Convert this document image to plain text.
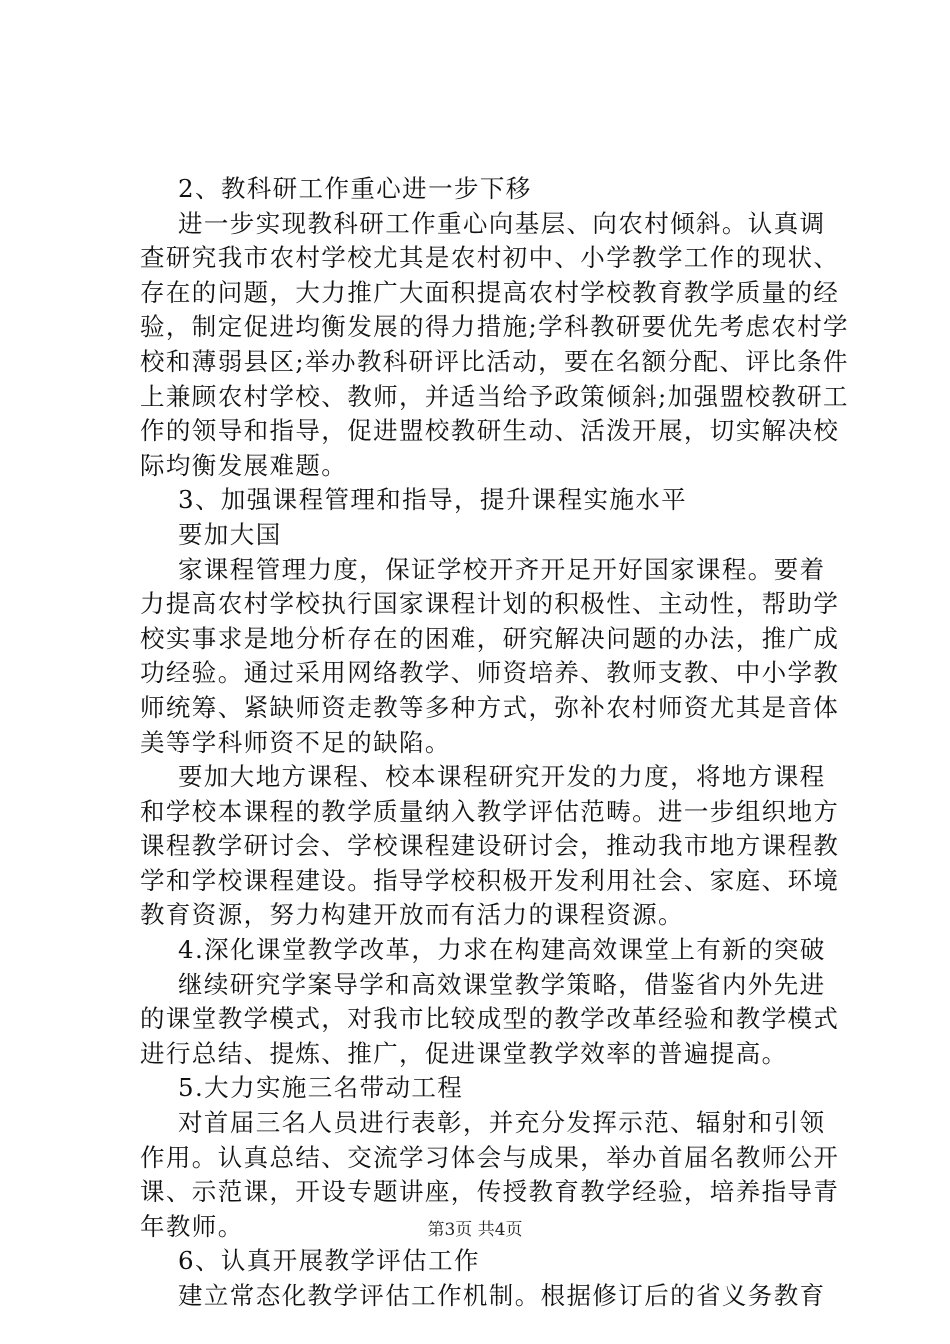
2、教科研工作重心进一步下移
进一步实现教科研工作重心向基层、向农村倾斜。认真调
查研究我市农村学校尤其是农村初中、小学教学工作的现状、
存在的问题，大力推广大面积提高农村学校教育教学质量的经
验，制定促进均衡发展的得力措施;学科教研要优先考虑农村学
校和薄弱县区;举办教科研评比活动，要在名额分配、评比条件
上兼顾农村学校、教师，并适当给予政策倾斜;加强盟校教研工
作的领导和指导，促进盟校教研生动、活泼开展，切实解决校
际均衡发展难题。
3、加强课程管理和指导，提升课程实施水平
要加大国
家课程管理力度，保证学校开齐开足开好国家课程。要着
力提高农村学校执行国家课程计划的积极性、主动性，帮助学
校实事求是地分析存在的困难，研究解决问题的办法，推广成
功经验。通过采用网络教学、师资培养、教师支教、中小学教
师统筹、紧缺师资走教等多种方式，弥补农村师资尤其是音体
美等学科师资不足的缺陷。
要加大地方课程、校本课程研究开发的力度，将地方课程
和学校本课程的教学质量纳入教学评估范畴。进一步组织地方
课程教学研讨会、学校课程建设研讨会，推动我市地方课程教
学和学校课程建设。指导学校积极开发利用社会、家庭、环境
教育资源，努力构建开放而有活力的课程资源。
4.深化课堂教学改革，力求在构建高效课堂上有新的突破
继续研究学案导学和高效课堂教学策略，借鉴省内外先进
的课堂教学模式，对我市比较成型的教学改革经验和教学模式
进行总结、提炼、推广，促进课堂教学效率的普遍提高。
5.大力实施三名带动工程
对首届三名人员进行表彰，并充分发挥示范、辐射和引领
作用。认真总结、交流学习体会与成果，举办首届名教师公开
课、示范课，开设专题讲座，传授教育教学经验，培养指导青
年教师。
6、认真开展教学评估工作
建立常态化教学评估工作机制。根据修订后的省义务教育
第3页 共4页
